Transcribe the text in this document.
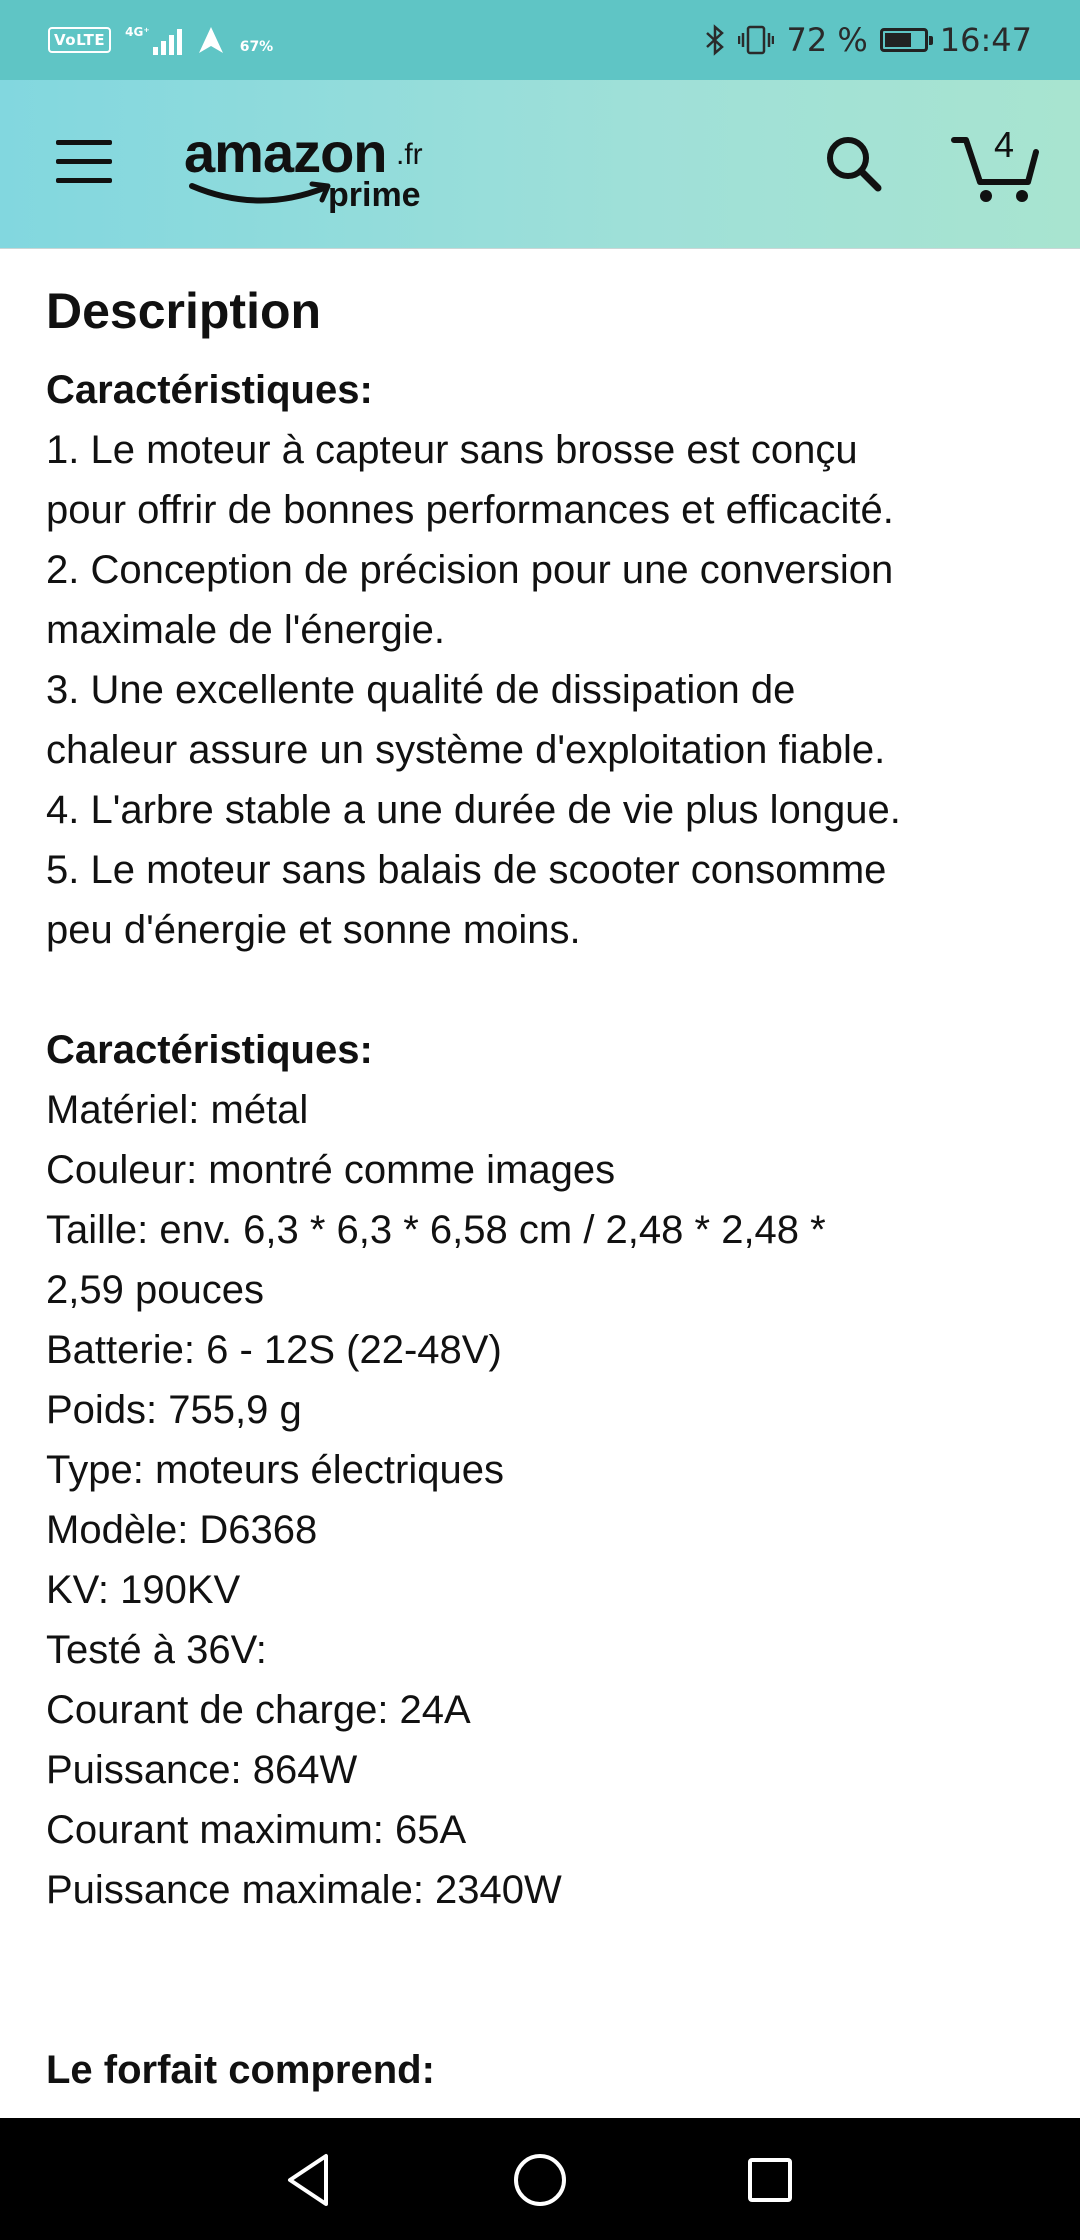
VoLTE	4G⁺
67%	72 % 16:47
amazon .fr
prime
4
Description
Caractéristiques:
1. Le moteur à capteur sans brosse est conçu
pour offrir de bonnes performances et efficacité.
2. Conception de précision pour une conversion
maximale de l'énergie.
3. Une excellente qualité de dissipation de
chaleur assure un système d'exploitation fiable.
4. L'arbre stable a une durée de vie plus longue.
5. Le moteur sans balais de scooter consomme
peu d'énergie et sonne moins.
Caractéristiques:
Matériel: métal
Couleur: montré comme images
Taille: env. 6,3 * 6,3 * 6,58 cm / 2,48 * 2,48 *
2,59 pouces
Batterie: 6 - 12S (22-48V)
Poids: 755,9 g
Type: moteurs électriques
Modèle: D6368
KV: 190KV
Testé à 36V:
Courant de charge: 24A
Puissance: 864W
Courant maximum: 65A
Puissance maximale: 2340W
Le forfait comprend:
